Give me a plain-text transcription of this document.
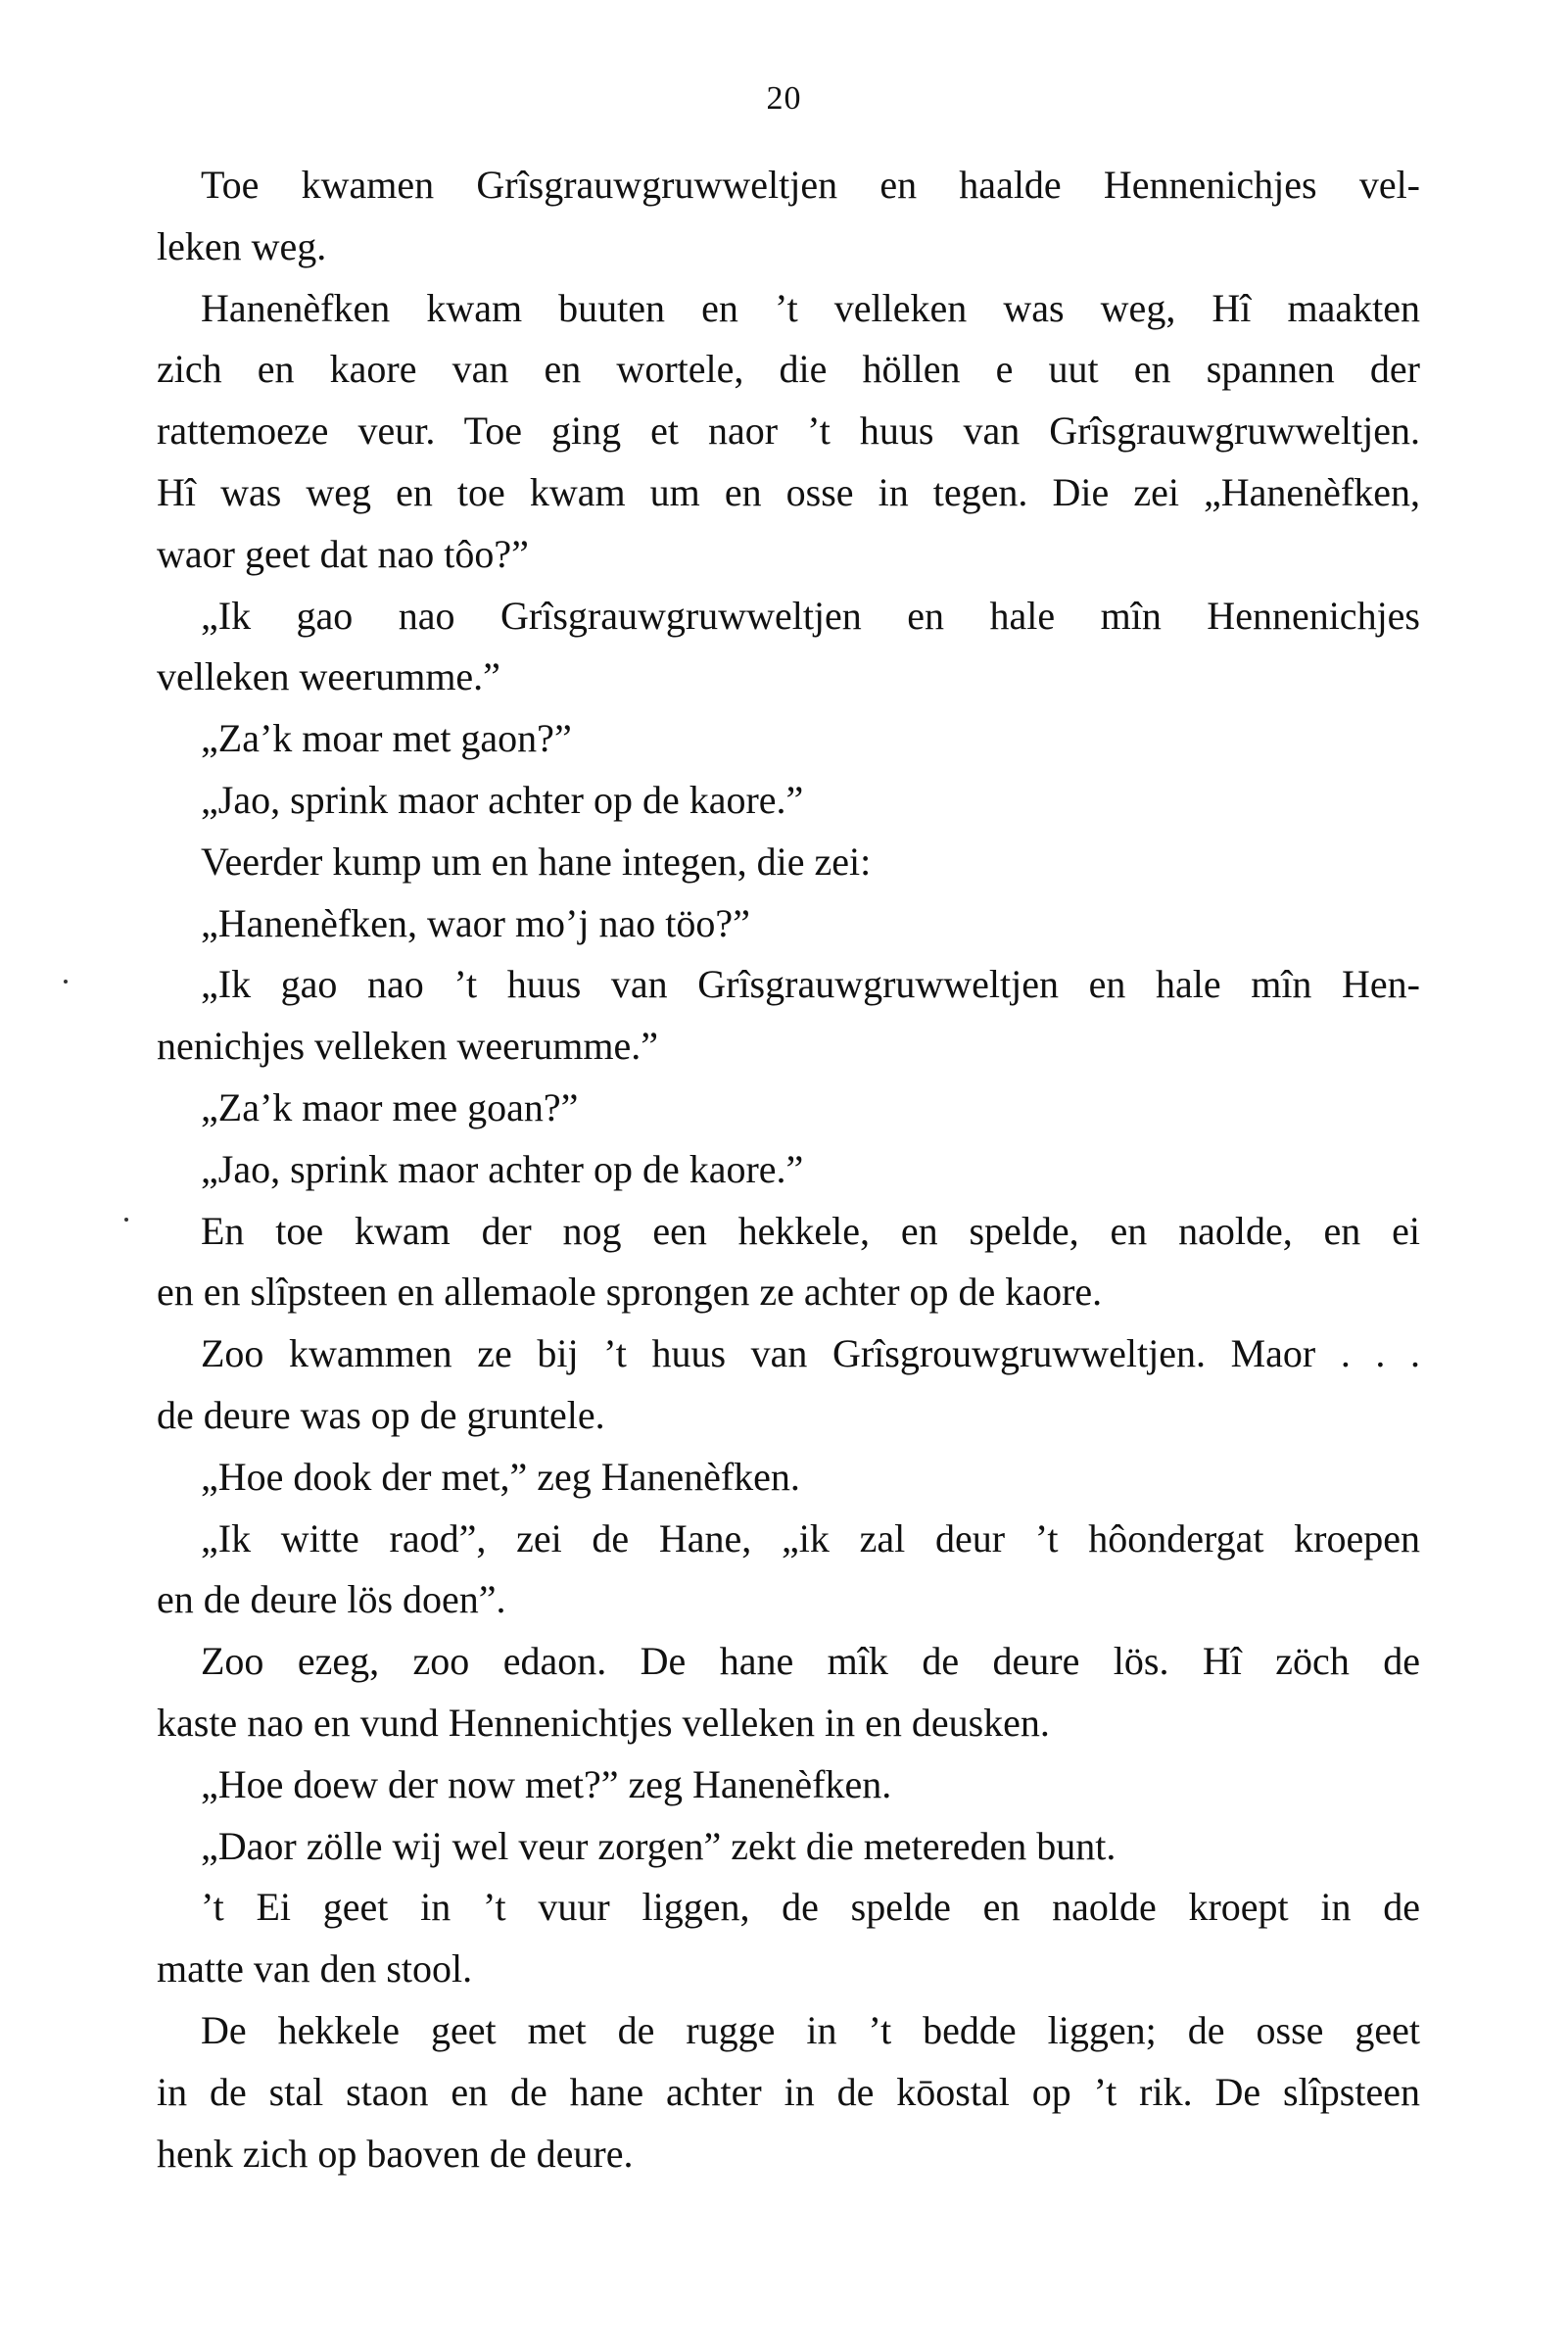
20
Toe kwamen Grîsgrauwgruwweltjen en haalde Hennenichjes vel-
leken weg.
Hanenèfken kwam buuten en ’t velleken was weg, Hî maakten
zich en kaore van en wortele, die höllen e uut en spannen der
rattemoeze veur. Toe ging et naor ’t huus van Grîsgrauwgruwweltjen.
Hî was weg en toe kwam um en osse in tegen. Die zei „Hanenèfken,
waor geet dat nao tôo?”
„Ik gao nao Grîsgrauwgruwweltjen en hale mîn Hennenichjes
velleken weerumme.”
„Za’k moar met gaon?”
„Jao, sprink maor achter op de kaore.”
Veerder kump um en hane integen, die zei:
„Hanenèfken, waor mo’j nao töo?”
„Ik gao nao ’t huus van Grîsgrauwgruwweltjen en hale mîn Hen-
nenichjes velleken weerumme.”
„Za’k maor mee goan?”
„Jao, sprink maor achter op de kaore.”
En toe kwam der nog een hekkele, en spelde, en naolde, en ei
en en slîpsteen en allemaole sprongen ze achter op de kaore.
Zoo kwammen ze bij ’t huus van Grîsgrouwgruwweltjen. Maor . . .
de deure was op de gruntele.
„Hoe dook der met,” zeg Hanenèfken.
„Ik witte raod”, zei de Hane, „ik zal deur ’t hôondergat kroepen
en de deure lös doen”.
Zoo ezeg, zoo edaon. De hane mîk de deure lös. Hî zöch de
kaste nao en vund Hennenichtjes velleken in en deusken.
„Hoe doew der now met?” zeg Hanenèfken.
„Daor zölle wij wel veur zorgen” zekt die metereden bunt.
’t Ei geet in ’t vuur liggen, de spelde en naolde kroept in de
matte van den stool.
De hekkele geet met de rugge in ’t bedde liggen; de osse geet
in de stal staon en de hane achter in de kōostal op ’t rik. De slîpsteen
henk zich op baoven de deure.
